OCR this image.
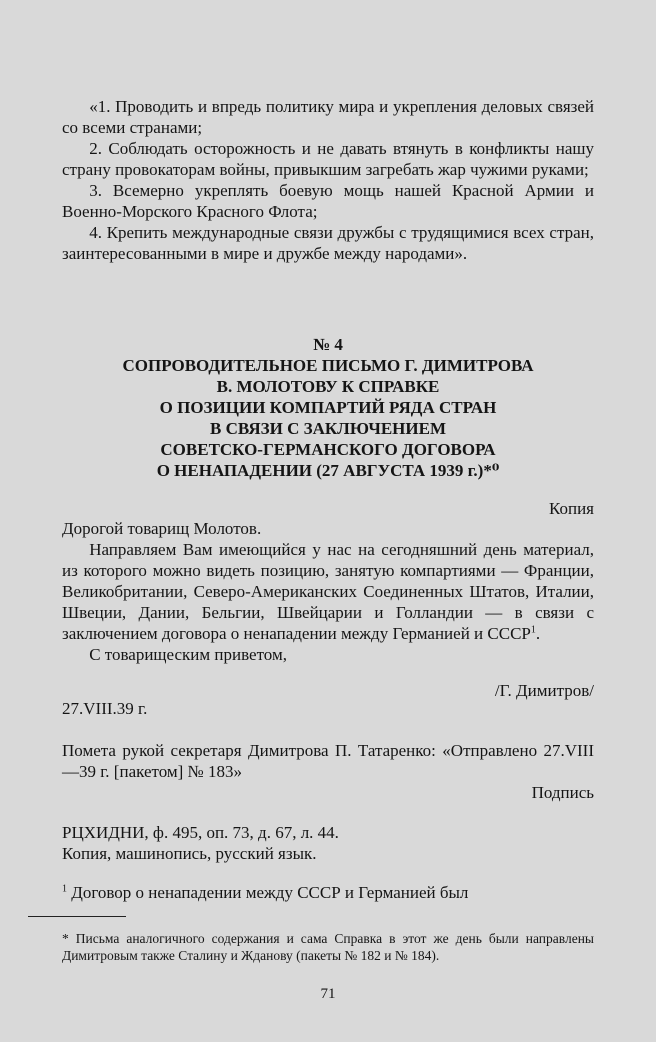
«1. Проводить и впредь политику мира и укрепления деловых связей со всеми странами;
2. Соблюдать осторожность и не давать втянуть в конфликты нашу страну провокаторам войны, привыкшим загребать жар чужими руками;
3. Всемерно укреплять боевую мощь нашей Красной Армии и Военно-Морского Красного Флота;
4. Крепить международные связи дружбы с трудящимися всех стран, заинтересованными в мире и дружбе между народами».
№ 4
СОПРОВОДИТЕЛЬНОЕ ПИСЬМО Г. ДИМИТРОВА
В. МОЛОТОВУ К СПРАВКЕ
О ПОЗИЦИИ КОМПАРТИЙ РЯДА СТРАН
В СВЯЗИ С ЗАКЛЮЧЕНИЕМ
СОВЕТСКО-ГЕРМАНСКОГО ДОГОВОРА
О НЕНАПАДЕНИИ (27 АВГУСТА 1939 г.)*⁰
Копия
Дорогой товарищ Молотов.
Направляем Вам имеющийся у нас на сегодняшний день материал, из которого можно видеть позицию, занятую компартиями — Франции, Великобритании, Северо-Американских Соединенных Штатов, Италии, Швеции, Дании, Бельгии, Швейцарии и Голландии — в связи с заключением договора о ненападении между Германией и СССР$^1$.
С товарищеским приветом,
/Г. Димитров/
27.VIII.39 г.
Помета рукой секретаря Димитрова П. Татаренко: «Отправлено 27.VIII—39 г. [пакетом] № 183»
Подпись
РЦХИДНИ, ф. 495, оп. 73, д. 67, л. 44.
Копия, машинопись, русский язык.
$^1$ Договор о ненападении между СССР и Германией был
* Письма аналогичного содержания и сама Справка в этот же день были направлены Димитровым также Сталину и Жданову (пакеты № 182 и № 184).
71
